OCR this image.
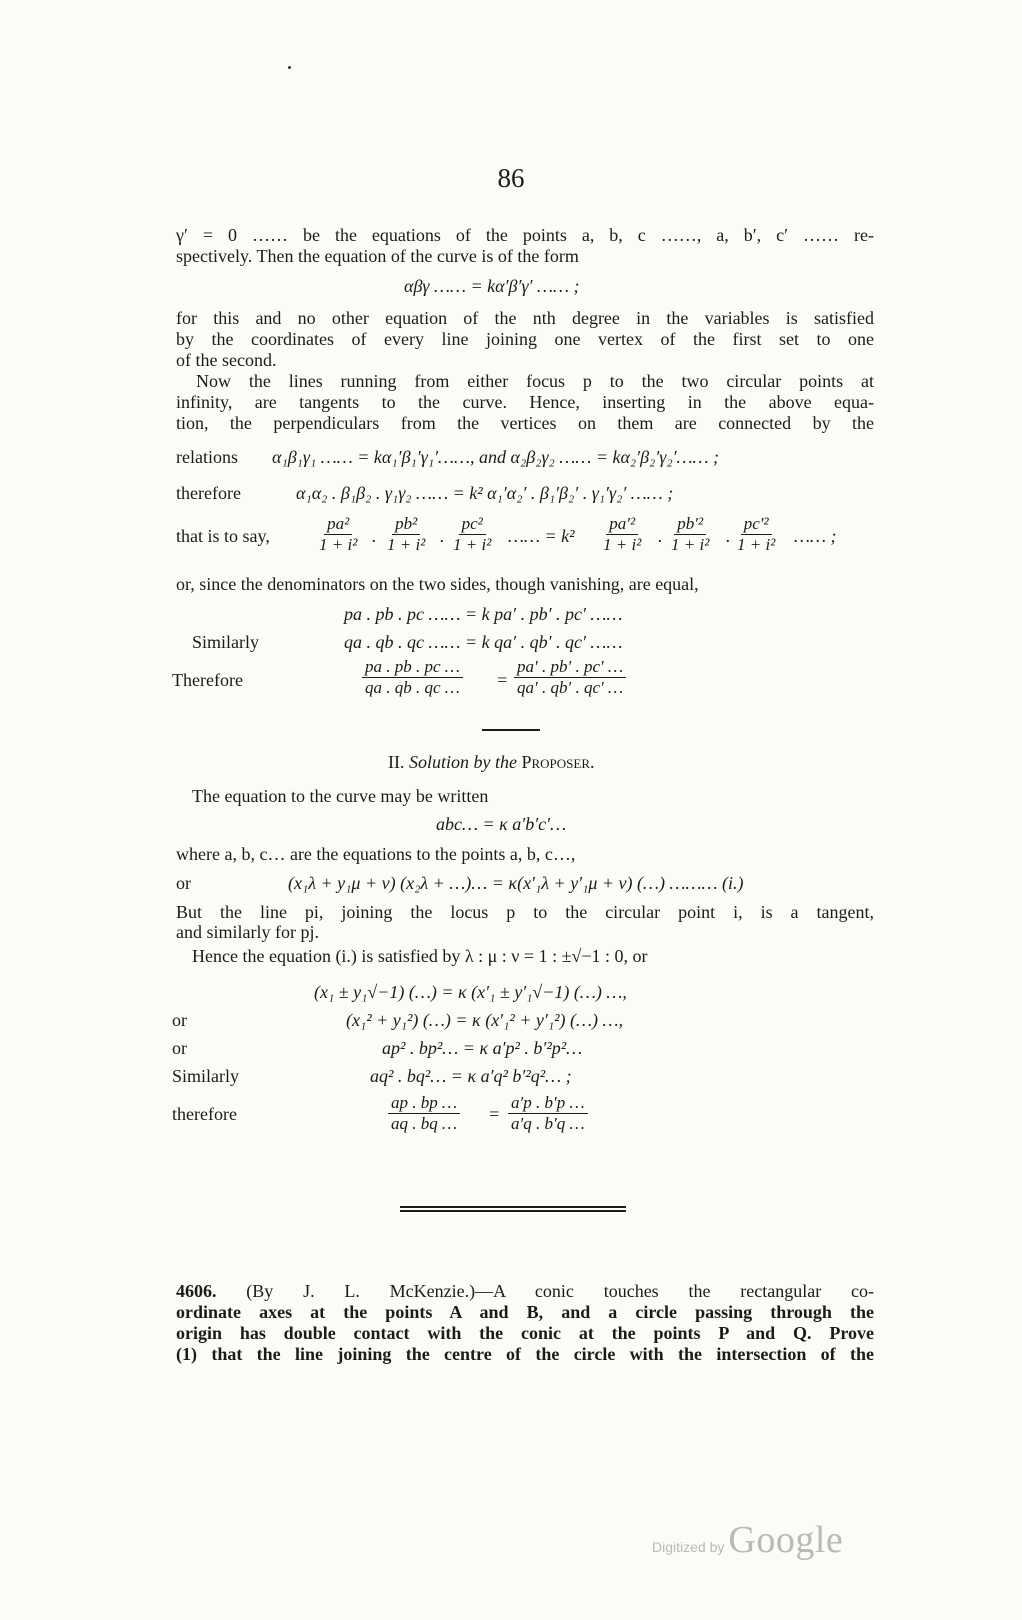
86
γ′ = 0 …… be the equations of the points a, b, c ……, a, b′, c′ …… re-
spectively. Then the equation of the curve is of the form
αβγ …… = kα′β′γ′ …… ;
for this and no other equation of the nth degree in the variables is satisfied
by the coordinates of every line joining one vertex of the first set to one
of the second.
Now the lines running from either focus p to the two circular points at
infinity, are tangents to the curve. Hence, inserting in the above equa-
tion, the perpendiculars from the vertices on them are connected by the
relations α₁β₁γ₁ …… = kα₁′β₁′γ₁′……, and α₂β₂γ₂ …… = kα₂′β₂′γ₂′…… ;
therefore	α₁α₂ . β₁β₂ . γ₁γ₂ …… = k² α₁′α₂′ . β₁′β₂′ . γ₁′γ₂′ …… ;
that is to say,	$\frac{\text{pa²}}{\text{1 + i²}}$ . $\frac{\text{pb²}}{\text{1 + i²}}$ . $\frac{\text{pc²}}{\text{1 + i²}}$ …… = $k^2 \frac{\text{pa′²}}{\text{1 + i²}}$ . $\frac{\text{pb′²}}{\text{1 + i²}}$ . $\frac{\text{pc′²}}{\text{1 + i²}}$ …… ;
or, since the denominators on the two sides, though vanishing, are equal,
pa . pb . pc …… = k pa′ . pb′ . pc′ ……
Similarly	qa . qb . qc …… = k qa′ . qb′ . qc′ ……
Therefore	$\frac{pa . pb . pc \dots}{qa . qb . qc \dots} = \frac{pa' . pb' . pc' \dots}{qa' . qb' . qc' \dots}$
II. Solution by the Proposer.
The equation to the curve may be written
abc… = κ a′b′c′…
where a, b, c… are the equations to the points a, b, c…,
or	(x₁λ + y₁μ + ν) (x₂λ + …)… = κ(x′₁λ + y′₁μ + ν) (…) ……… (i.)
But the line pi, joining the locus p to the circular point i, is a tangent,
and similarly for pj.
Hence the equation (i.) is satisfied by λ : μ : ν = 1 : ±√−1 : 0, or
(x₁ ± y₁√−1) (…) = κ (x′₁ ± y′₁√−1) (…) …,
or	(x₁² + y₁²) (…) = κ (x′₁² + y′₁²) (…) …,
or	ap² . bp²… = κ a′p² . b′²p²…
Similarly	aq² . bq²… = κ a′q² b′²q²… ;
therefore	$\frac{ap . bp \dots}{aq . bq \dots} = \frac{a'p . b'p \dots}{a'q . b'q \dots}$
4606. (By J. L. McKenzie.)—A conic touches the rectangular co-
ordinate axes at the points A and B, and a circle passing through the
origin has double contact with the conic at the points P and Q. Prove
(1) that the line joining the centre of the circle with the intersection of the
Digitized by Google
